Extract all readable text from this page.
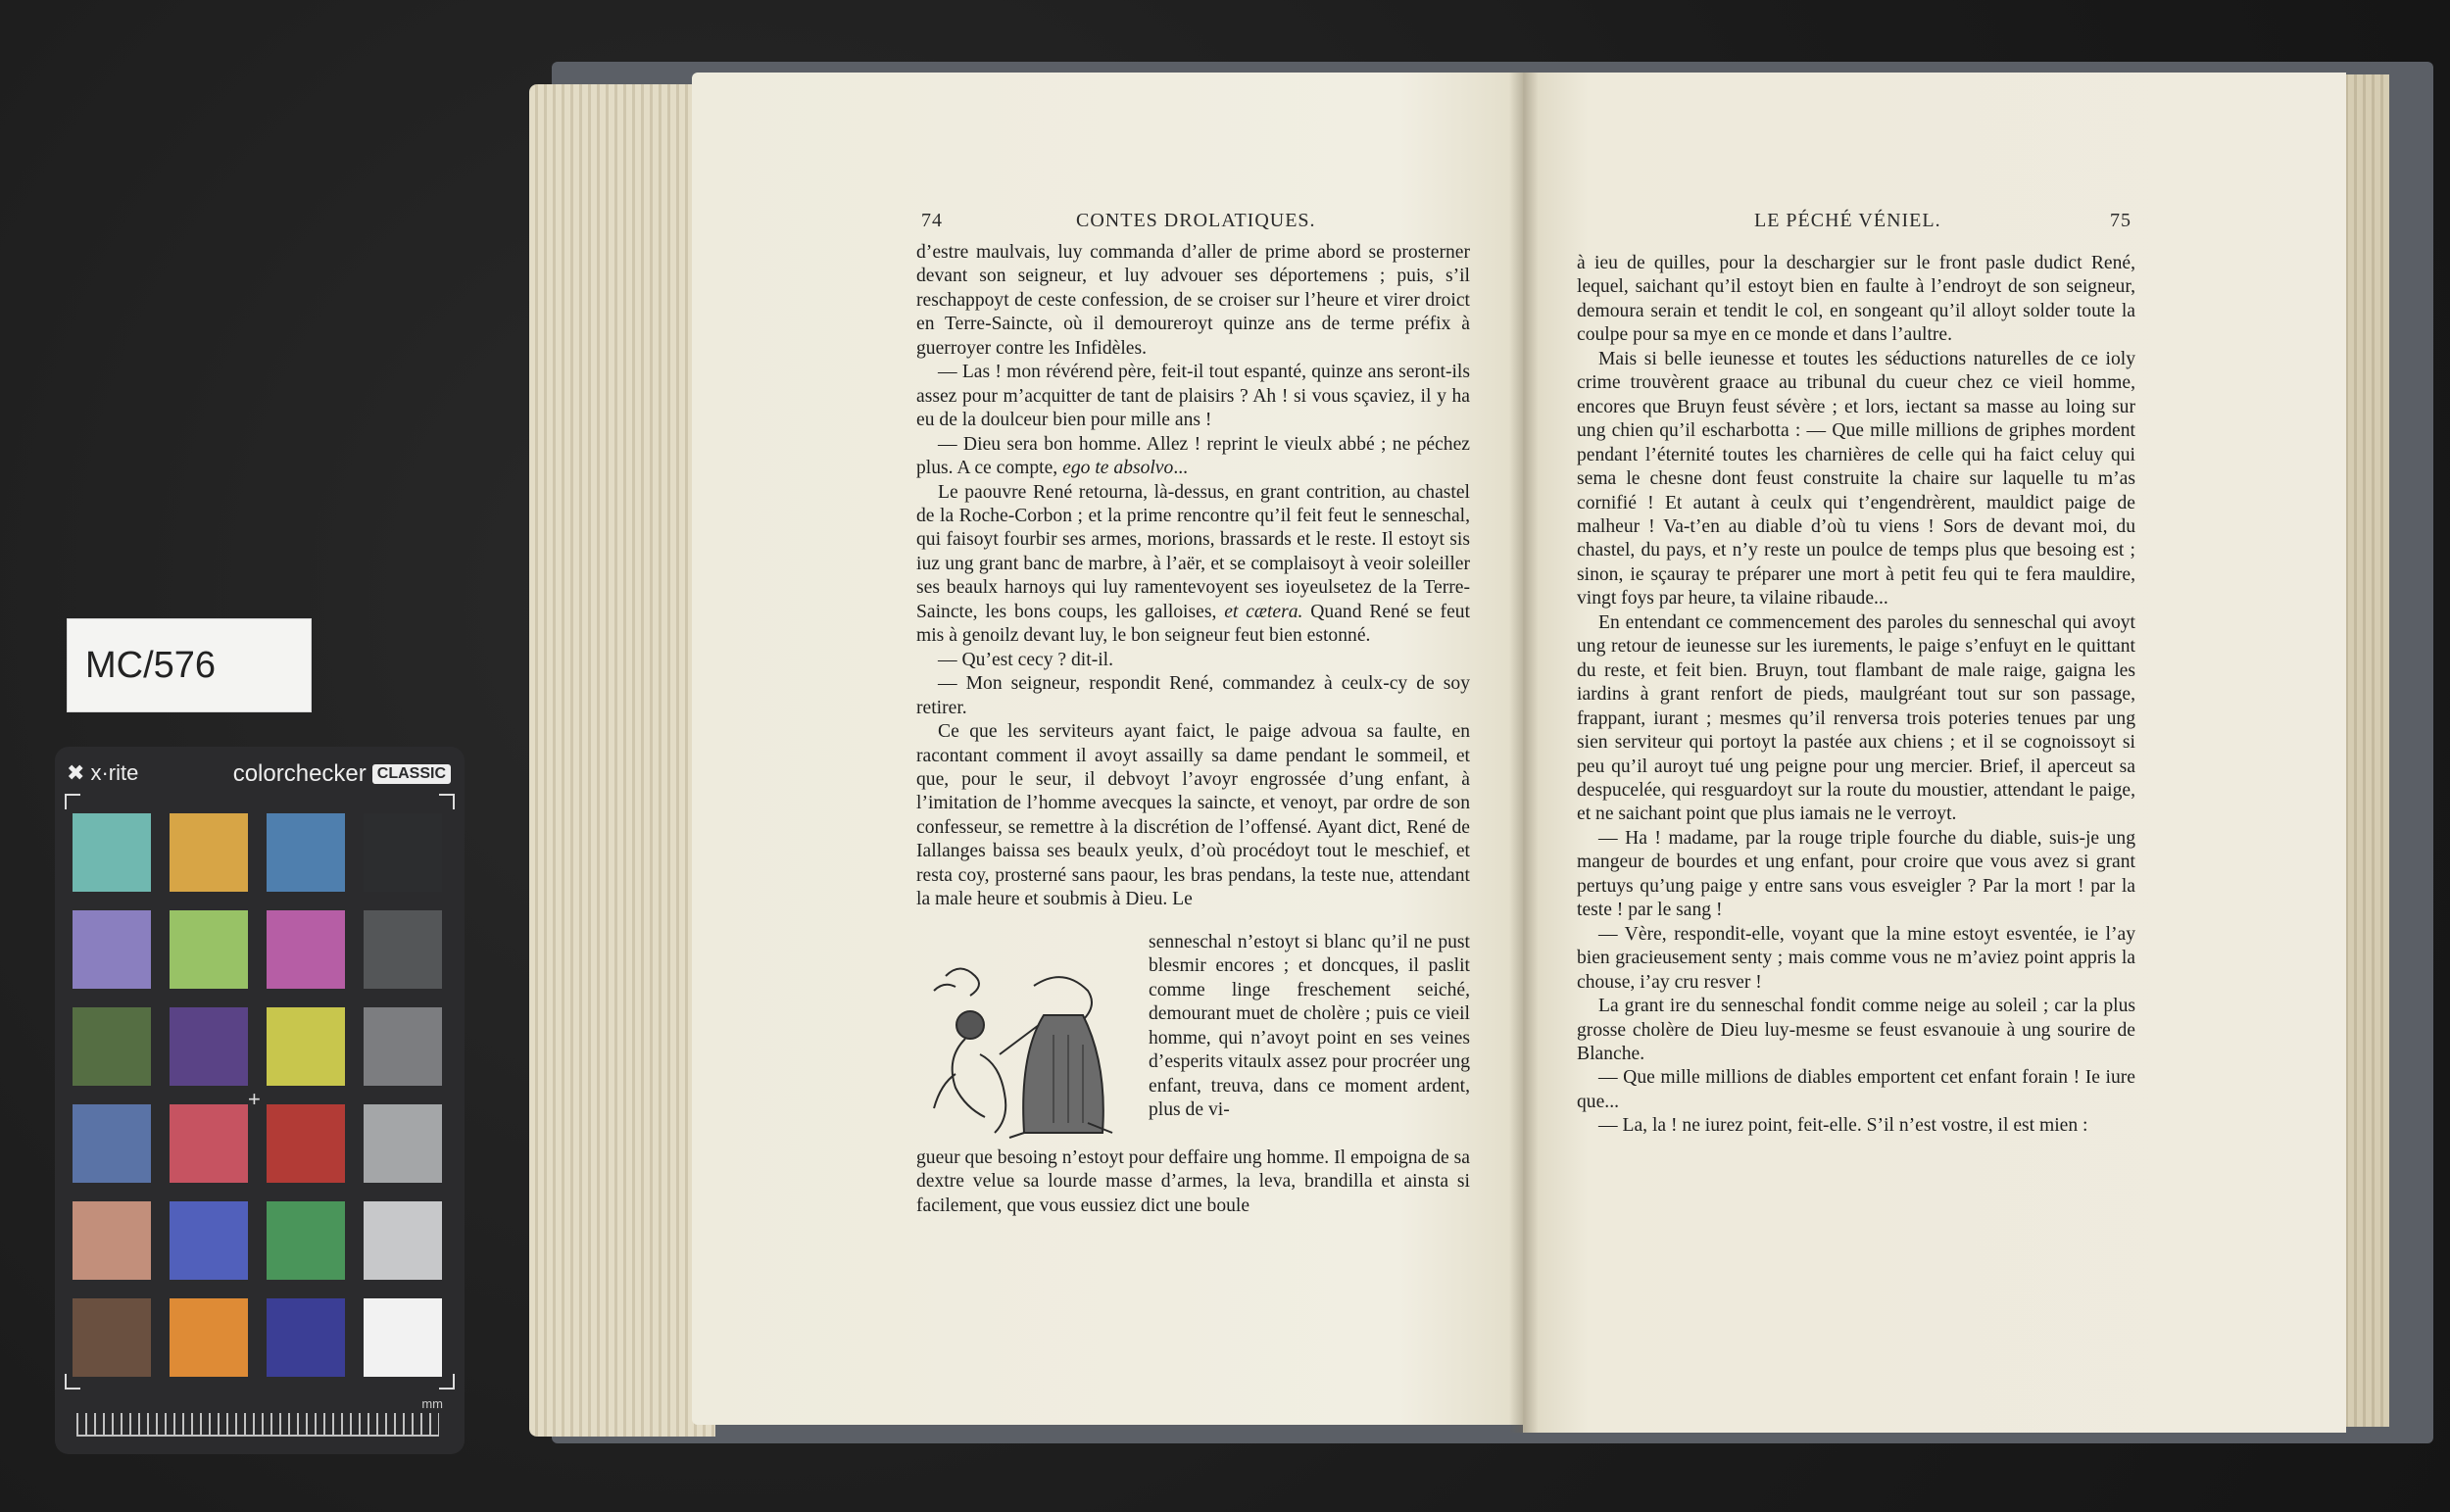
MC/576
✖ x·rite	colorchecker CLASSIC
+
mm
74	CONTES DROLATIQUES.

d’estre maulvais, luy commanda d’aller de prime abord se prosterner devant son seigneur, et luy advouer ses déportemens ; puis, s’il reschappoyt de ceste confession, de se croiser sur l’heure et virer droict en Terre-Saincte, où il demoureroyt quinze ans de terme préfix à guerroyer contre les Infidèles.

— Las ! mon révérend père, feit-il tout espanté, quinze ans seront-ils assez pour m’acquitter de tant de plaisirs ? Ah ! si vous sçaviez, il y ha eu de la doulceur bien pour mille ans !

— Dieu sera bon homme. Allez ! reprint le vieulx abbé ; ne péchez plus. A ce compte, ego te absolvo...

Le paouvre René retourna, là-dessus, en grant contrition, au chastel de la Roche-Corbon ; et la prime rencontre qu’il feit feut le senneschal, qui faisoyt fourbir ses armes, morions, brassards et le reste. Il estoyt sis iuz ung grant banc de marbre, à l’aër, et se complaisoyt à veoir soleiller ses beaulx harnoys qui luy ramentevoyent ses ioyeulsetez de la Terre-Saincte, les bons coups, les galloises, et cætera. Quand René se feut mis à genoilz devant luy, le bon seigneur feut bien estonné.

— Qu’est cecy ? dit-il.

— Mon seigneur, respondit René, commandez à ceulx-cy de soy retirer.

Ce que les serviteurs ayant faict, le paige advoua sa faulte, en racontant comment il avoyt assailly sa dame pendant le sommeil, et que, pour le seur, il debvoyt l’avoyr engrossée d’ung enfant, à l’imitation de l’homme avecques la saincte, et venoyt, par ordre de son confesseur, se remettre à la discrétion de l’offensé. Ayant dict, René de Iallanges baissa ses beaulx yeulx, d’où procédoyt tout le meschief, et resta coy, prosterné sans paour, les bras pendans, la teste nue, attendant la male heure et soubmis à Dieu. Le

senneschal n’estoyt si blanc qu’il ne pust blesmir encores ; et doncques, il paslit comme linge freschement seiché, demourant muet de cholère ; puis ce vieil homme, qui n’avoyt point en ses veines d’esperits vitaulx assez pour procréer ung enfant, treuva, dans ce moment ardent, plus de vi-

gueur que besoing n’estoyt pour deffaire ung homme. Il empoigna de sa dextre velue sa lourde masse d’armes, la leva, brandilla et ainsta si facilement, que vous eussiez dict une boule

LE PÉCHÉ VÉNIEL.	75

à ieu de quilles, pour la deschargier sur le front pasle dudict René, lequel, saichant qu’il estoyt bien en faulte à l’endroyt de son seigneur, demoura serain et tendit le col, en songeant qu’il alloyt solder toute la coulpe pour sa mye en ce monde et dans l’aultre.

Mais si belle ieunesse et toutes les séductions naturelles de ce ioly crime trouvèrent graace au tribunal du cueur chez ce vieil homme, encores que Bruyn feust sévère ; et lors, iectant sa masse au loing sur ung chien qu’il escharbotta : — Que mille millions de griphes mordent pendant l’éternité toutes les charnières de celle qui ha faict celuy qui sema le chesne dont feust construite la chaire sur laquelle tu m’as cornifié ! Et autant à ceulx qui t’engendrèrent, mauldict paige de malheur ! Va-t’en au diable d’où tu viens ! Sors de devant moi, du chastel, du pays, et n’y reste un poulce de temps plus que besoing est ; sinon, ie sçauray te préparer une mort à petit feu qui te fera mauldire, vingt foys par heure, ta vilaine ribaude...

En entendant ce commencement des paroles du senneschal qui avoyt ung retour de ieunesse sur les iurements, le paige s’enfuyt en le quittant du reste, et feit bien. Bruyn, tout flambant de male raige, gaigna les iardins à grant renfort de pieds, maulgréant tout sur son passage, frappant, iurant ; mesmes qu’il renversa trois poteries tenues par ung sien serviteur qui portoyt la pastée aux chiens ; et il se cognoissoyt si peu qu’il auroyt tué ung peigne pour ung mercier. Brief, il aperceut sa despucelée, qui resguardoyt sur la route du moustier, attendant le paige, et ne saichant point que plus iamais ne le verroyt.

— Ha ! madame, par la rouge triple fourche du diable, suis-je ung mangeur de bourdes et ung enfant, pour croire que vous avez si grant pertuys qu’ung paige y entre sans vous esveigler ? Par la mort ! par la teste ! par le sang !

— Vère, respondit-elle, voyant que la mine estoyt esventée, ie l’ay bien gracieusement senty ; mais comme vous ne m’aviez point appris la chouse, i’ay cru resver !

La grant ire du senneschal fondit comme neige au soleil ; car la plus grosse cholère de Dieu luy-mesme se feust esvanouie à ung sourire de Blanche.

— Que mille millions de diables emportent cet enfant forain ! Ie iure que...

— La, la ! ne iurez point, feit-elle. S’il n’est vostre, il est mien :
